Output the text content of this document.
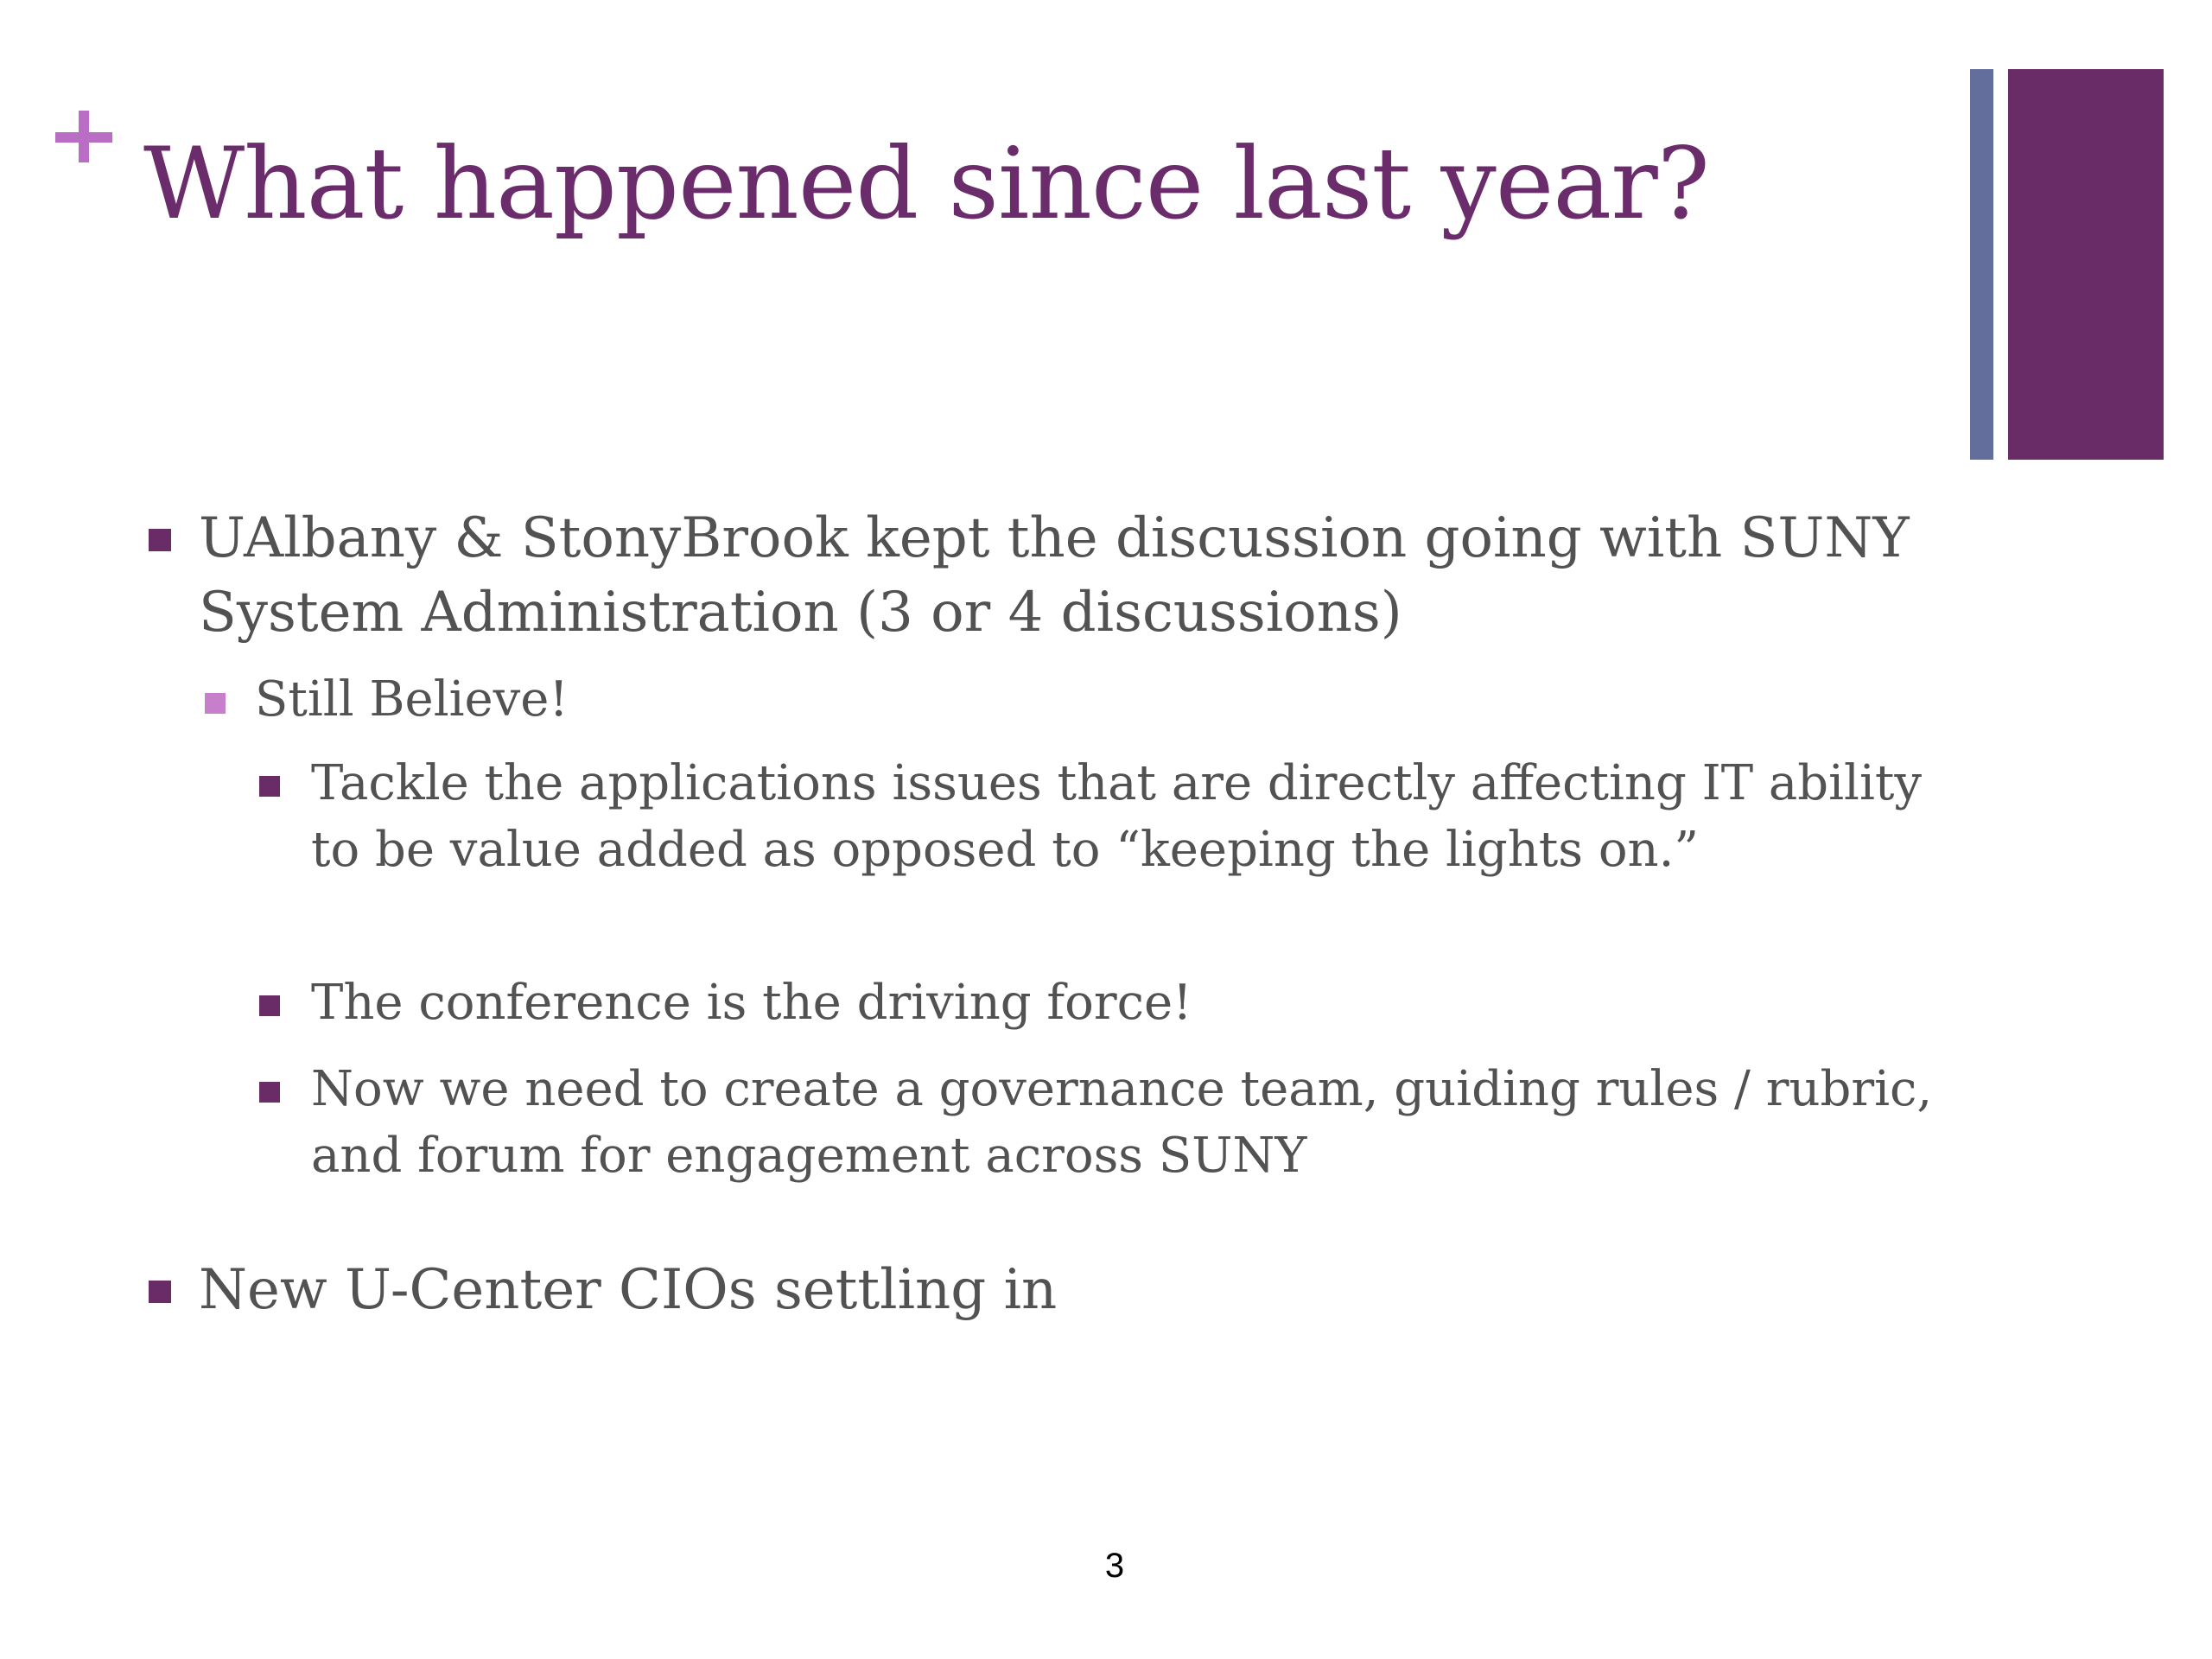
What happened since last year?
UAlbany & StonyBrook kept the discussion going with SUNY System Administration (3 or 4 discussions)
Still Believe!
Tackle the applications issues that are directly affecting IT ability to be value added as opposed to “keeping the lights on.”
The conference is the driving force!
Now we need to create a governance team, guiding rules / rubric, and forum for engagement across SUNY
New U-Center CIOs settling in
3
